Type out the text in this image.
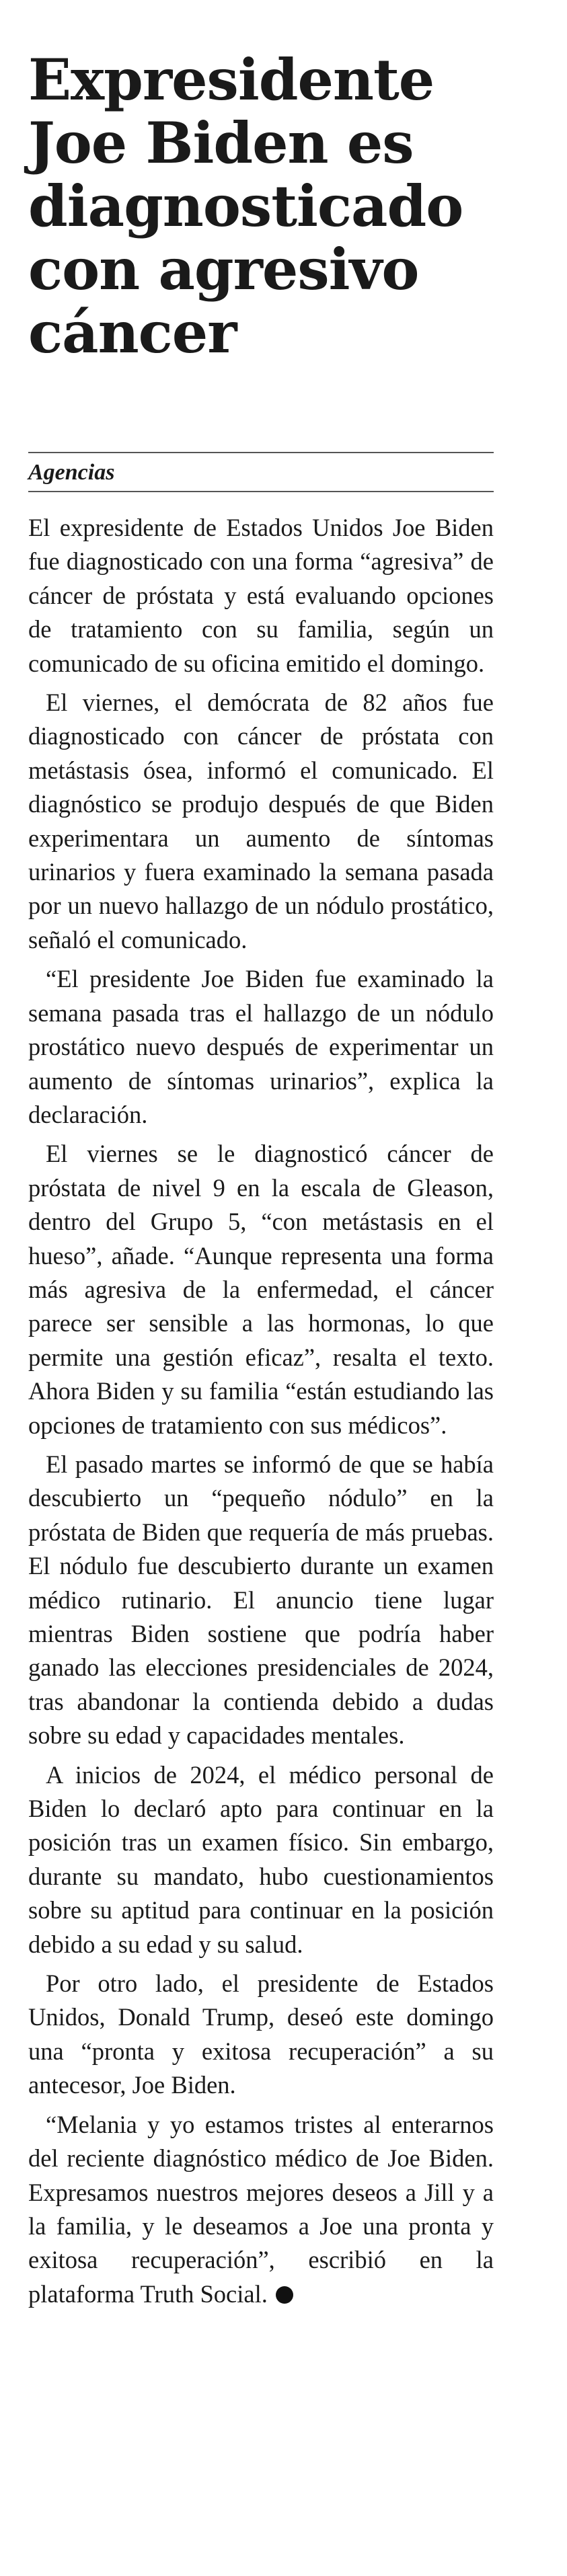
Expresidente Joe Biden es diagnosticado con agresivo cáncer
Agencias

El expresidente de Estados Unidos Joe Biden fue diagnosticado con una forma “agresiva” de cáncer de próstata y está evaluando opciones de tratamiento con su familia, según un comunicado de su oficina emitido el domingo.

El viernes, el demócrata de 82 años fue diagnosticado con cáncer de próstata con metástasis ósea, informó el comunicado. El diagnóstico se produjo después de que Biden experimentara un aumento de síntomas urinarios y fuera examinado la semana pasada por un nuevo hallazgo de un nódulo prostático, señaló el comunicado.

“El presidente Joe Biden fue examinado la semana pasada tras el hallazgo de un nódulo prostático nuevo después de experimentar un aumento de síntomas urinarios”, explica la declaración.

El viernes se le diagnosticó cáncer de próstata de nivel 9 en la escala de Gleason, dentro del Grupo 5, “con metástasis en el hueso”, añade. “Aunque representa una forma más agresiva de la enfermedad, el cáncer parece ser sensible a las hormonas, lo que permite una gestión eficaz”, resalta el texto. Ahora Biden y su familia “están estudiando las opciones de tratamiento con sus médicos”.

El pasado martes se informó de que se había descubierto un “pequeño nódulo” en la próstata de Biden que requería de más pruebas. El nódulo fue descubierto durante un examen médico rutinario. El anuncio tiene lugar mientras Biden sostiene que podría haber ganado las elecciones presidenciales de 2024, tras abandonar la contienda debido a dudas sobre su edad y capacidades mentales.

A inicios de 2024, el médico personal de Biden lo declaró apto para continuar en la posición tras un examen físico. Sin embargo, durante su mandato, hubo cuestionamientos sobre su aptitud para continuar en la posición debido a su edad y su salud.

Por otro lado, el presidente de Estados Unidos, Donald Trump, deseó este domingo una “pronta y exitosa recuperación” a su antecesor, Joe Biden.

“Melania y yo estamos tristes al enterarnos del reciente diagnóstico médico de Joe Biden. Expresamos nuestros mejores deseos a Jill y a la familia, y le deseamos a Joe una pronta y exitosa recuperación”, escribió en la plataforma Truth Social.
